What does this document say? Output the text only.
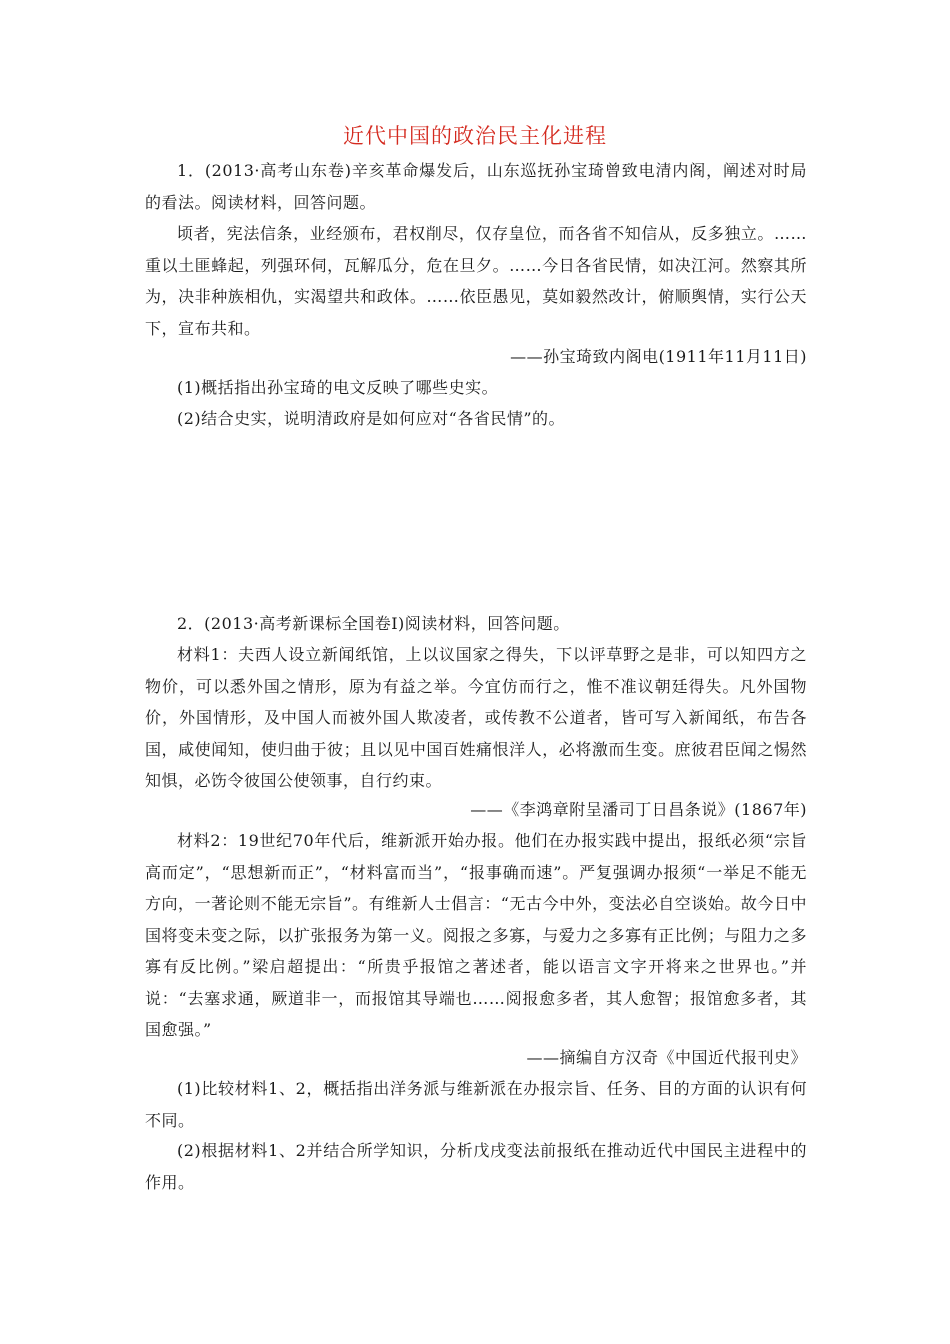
近代中国的政治民主化进程

1．(2013·高考山东卷)辛亥革命爆发后，山东巡抚孙宝琦曾致电清内阁，阐述对时局的看法。阅读材料，回答问题。

顷者，宪法信条，业经颁布，君权削尽，仅存皇位，而各省不知信从，反多独立。……重以土匪蜂起，列强环伺，瓦解瓜分，危在旦夕。……今日各省民情，如决江河。然察其所为，决非种族相仇，实渴望共和政体。……依臣愚见，莫如毅然改计，俯顺舆情，实行公天下，宣布共和。

——孙宝琦致内阁电(1911年11月11日)

(1)概括指出孙宝琦的电文反映了哪些史实。

(2)结合史实，说明清政府是如何应对“各省民情”的。

2．(2013·高考新课标全国卷Ⅰ)阅读材料，回答问题。

材料1：夫西人设立新闻纸馆，上以议国家之得失，下以评草野之是非，可以知四方之物价，可以悉外国之情形，原为有益之举。今宜仿而行之，惟不准议朝廷得失。凡外国物价，外国情形，及中国人而被外国人欺凌者，或传教不公道者，皆可写入新闻纸，布告各国，咸使闻知，使归曲于彼；且以见中国百姓痛恨洋人，必将激而生变。庶彼君臣闻之惕然知惧，必饬令彼国公使领事，自行约束。

——《李鸿章附呈潘司丁日昌条说》(1867年)

材料2：19世纪70年代后，维新派开始办报。他们在办报实践中提出，报纸必须“宗旨高而定”，“思想新而正”，“材料富而当”，“报事确而速”。严复强调办报须“一举足不能无方向，一著论则不能无宗旨”。有维新人士倡言：“无古今中外，变法必自空谈始。故今日中国将变未变之际，以扩张报务为第一义。阅报之多寡，与爱力之多寡有正比例；与阻力之多寡有反比例。”梁启超提出：“所贵乎报馆之著述者，能以语言文字开将来之世界也。”并说：“去塞求通，厥道非一，而报馆其导端也……阅报愈多者，其人愈智；报馆愈多者，其国愈强。”

——摘编自方汉奇《中国近代报刊史》

(1)比较材料1、2，概括指出洋务派与维新派在办报宗旨、任务、目的方面的认识有何不同。

(2)根据材料1、2并结合所学知识，分析戊戌变法前报纸在推动近代中国民主进程中的作用。
